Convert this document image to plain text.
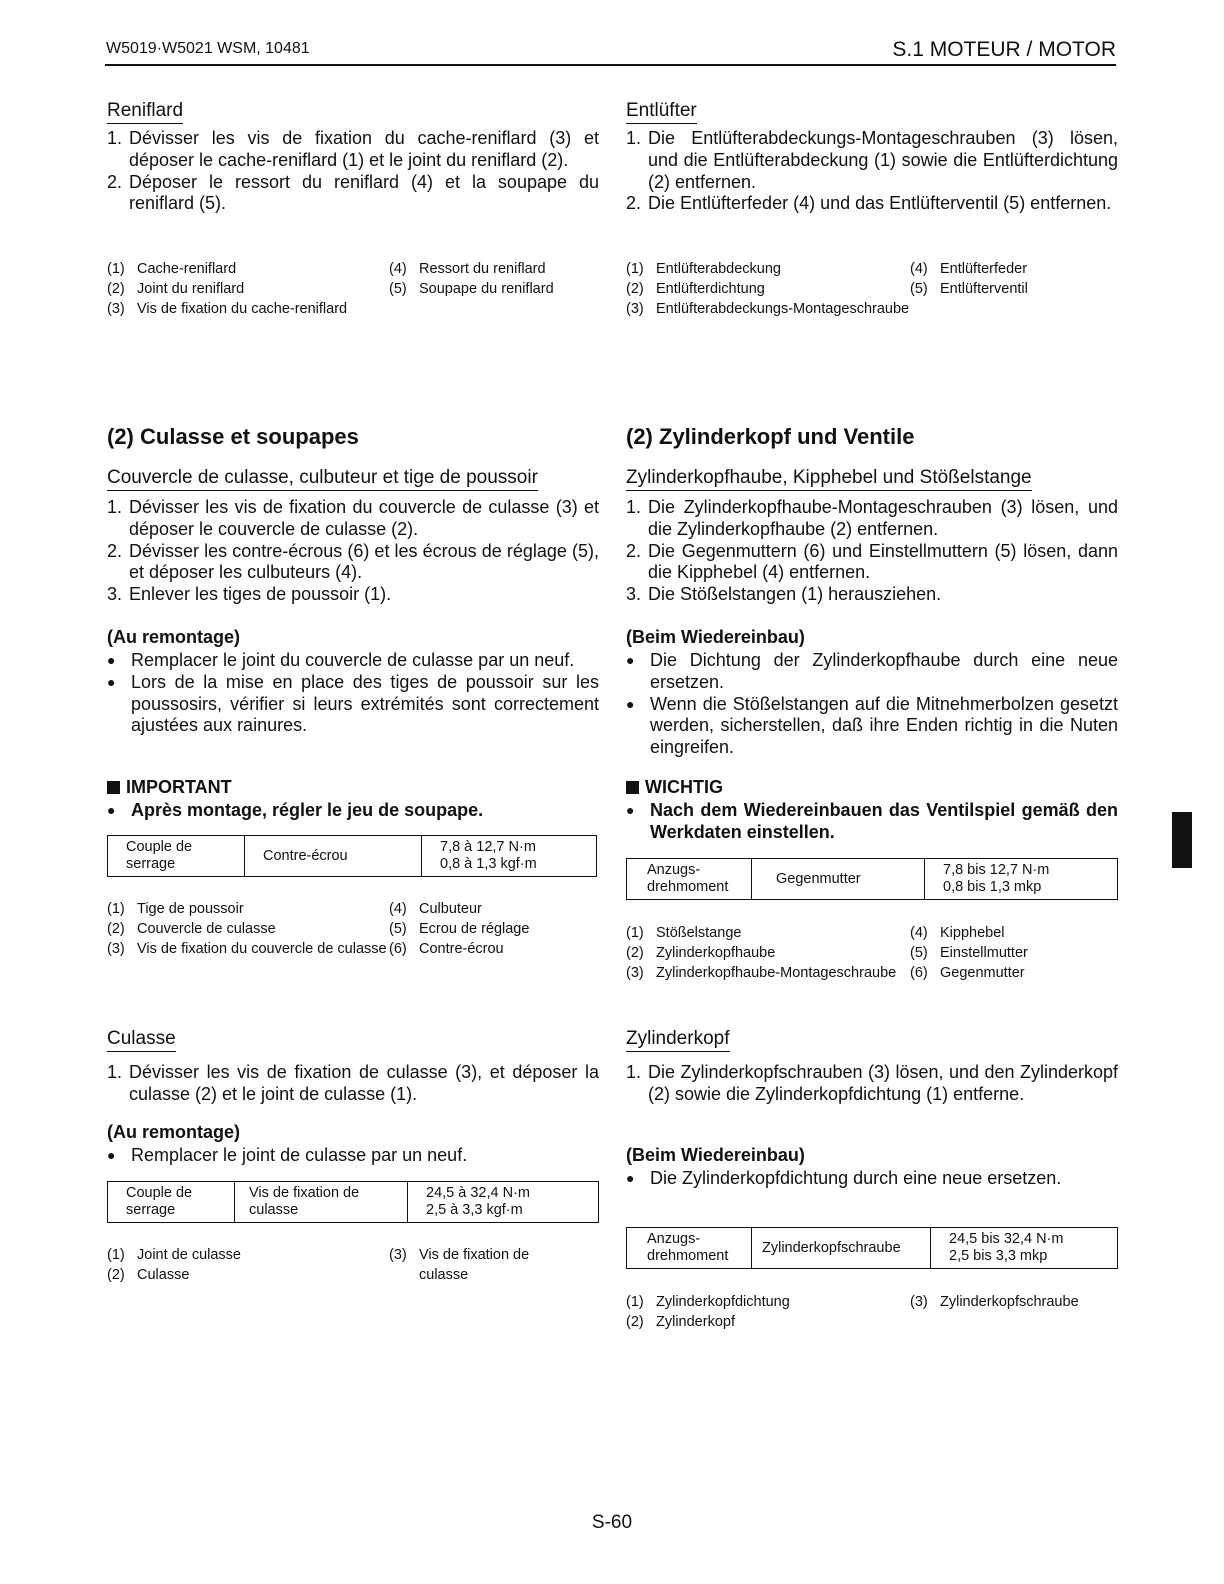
W5019·W5021 WSM, 10481	S.1 MOTEUR / MOTOR
Reniflard
1. Dévisser les vis de fixation du cache-reniflard (3) et déposer le cache-reniflard (1) et le joint du reniflard (2).
2. Déposer le ressort du reniflard (4) et la soupape du reniflard (5).
(1) Cache-reniflard
(2) Joint du reniflard
(3) Vis de fixation du cache-reniflard
(4) Ressort du reniflard
(5) Soupape du reniflard
(2) Culasse et soupapes
Couvercle de culasse, culbuteur et tige de poussoir
1. Dévisser les vis de fixation du couvercle de culasse (3) et déposer le couvercle de culasse (2).
2. Dévisser les contre-écrous (6) et les écrous de réglage (5), et déposer les culbuteurs (4).
3. Enlever les tiges de poussoir (1).
(Au remontage)
● Remplacer le joint du couvercle de culasse par un neuf.
● Lors de la mise en place des tiges de poussoir sur les poussosirs, vérifier si leurs extrémités sont correctement ajustées aux rainures.
IMPORTANT
● Après montage, régler le jeu de soupape.
Couple de serrage	Contre-écrou	
7,8 à 12,7 N·m
0,8 à 1,3 kgf·m
(1) Tige de poussoir
(2) Couvercle de culasse
(3) Vis de fixation du couvercle de culasse
(4) Culbuteur
(5) Ecrou de réglage
(6) Contre-écrou
Culasse
1. Dévisser les vis de fixation de culasse (3), et déposer la culasse (2) et le joint de culasse (1).
(Au remontage)
● Remplacer le joint de culasse par un neuf.
Couple de serrage	Vis de fixation de culasse	
24,5 à 32,4 N·m
2,5 à 3,3 kgf·m
(1) Joint de culasse
(2) Culasse
(3) Vis de fixation de culasse
Entlüfter
1. Die Entlüfterabdeckungs-Montageschrauben (3) lösen, und die Entlüfterabdeckung (1) sowie die Entlüfterdichtung (2) entfernen.
2. Die Entlüfterfeder (4) und das Entlüfterventil (5) entfernen.
(1) Entlüfterabdeckung
(2) Entlüfterdichtung
(3) Entlüfterabdeckungs-Montageschraube
(4) Entlüfterfeder
(5) Entlüfterventil
(2) Zylinderkopf und Ventile
Zylinderkopfhaube, Kipphebel und Stößelstange
1. Die Zylinderkopfhaube-Montageschrauben (3) lösen, und die Zylinderkopfhaube (2) entfernen.
2. Die Gegenmuttern (6) und Einstellmuttern (5) lösen, dann die Kipphebel (4) entfernen.
3. Die Stößelstangen (1) herausziehen.
(Beim Wiedereinbau)
● Die Dichtung der Zylinderkopfhaube durch eine neue ersetzen.
● Wenn die Stößelstangen auf die Mitnehmerbolzen gesetzt werden, sicherstellen, daß ihre Enden richtig in die Nuten eingreifen.
WICHTIG
● Nach dem Wiedereinbauen das Ventilspiel gemäß den Werkdaten einstellen.
Anzugs-drehmoment	Gegenmutter	
7,8 bis 12,7 N·m
0,8 bis 1,3 mkp
(1) Stößelstange
(2) Zylinderkopfhaube
(3) Zylinderkopfhaube-Montageschraube
(4) Kipphebel
(5) Einstellmutter
(6) Gegenmutter
Zylinderkopf
1. Die Zylinderkopfschrauben (3) lösen, und den Zylinderkopf (2) sowie die Zylinderkopfdichtung (1) entferne.
(Beim Wiedereinbau)
● Die Zylinderkopfdichtung durch eine neue ersetzen.
Anzugs-drehmoment	Zylinderkopfschraube	
24,5 bis 32,4 N·m
2,5 bis 3,3 mkp
(1) Zylinderkopfdichtung
(2) Zylinderkopf
(3) Zylinderkopfschraube
S-60
